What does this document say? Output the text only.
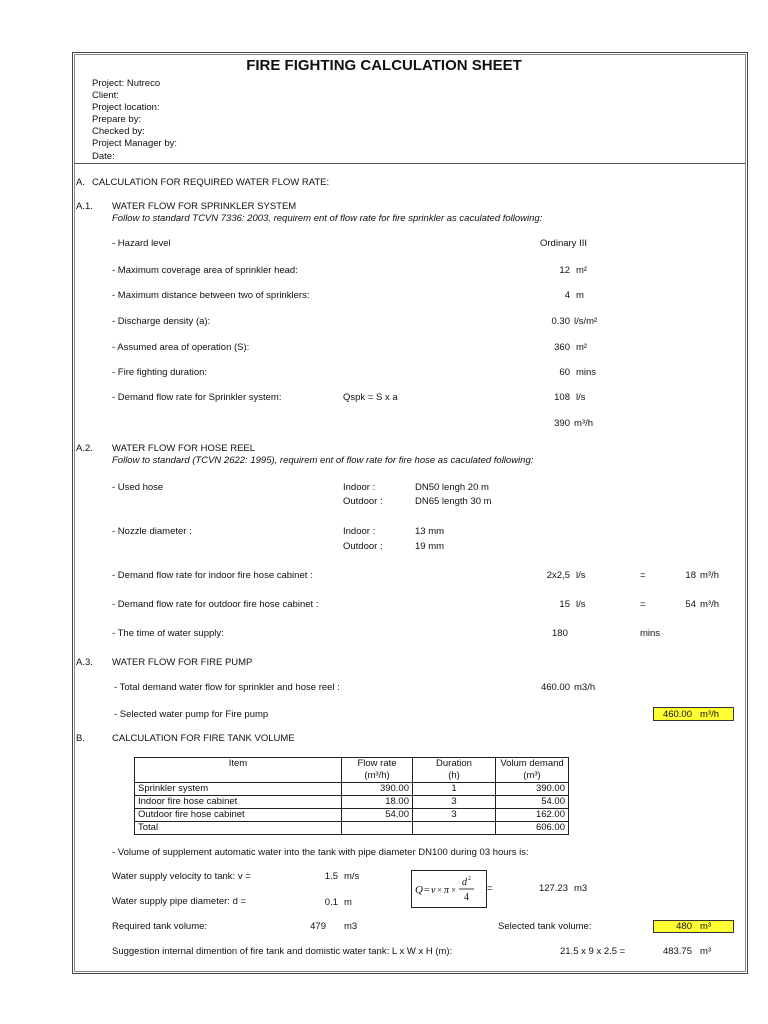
FIRE FIGHTING CALCULATION SHEET
Project: Nutreco
Client:
Project location:
Prepare by:
Checked by:
Project Manager by:
Date:
A. CALCULATION FOR REQUIRED WATER FLOW RATE:
A.1. WATER FLOW FOR SPRINKLER SYSTEM
Follow to standard TCVN 7336: 2003, requirem ent of flow rate for fire sprinkler as caculated following:
- Hazard level	Ordinary III
- Maximum coverage area of sprinkler head:	12 m²
- Maximum distance between two of sprinklers:	4 m
- Discharge density (a):	0.30 l/s/m²
- Assumed area of operation (S):	360 m²
- Fire fighting duration:	60 mins
- Demand flow rate for Sprinkler system:	Qspk = S x a	108 l/s
390 m³/h
A.2. WATER FLOW FOR HOSE REEL
Follow to standard (TCVN 2622: 1995), requirem ent of flow rate for fire hose as caculated following:
- Used hose	Indoor :	DN50 lengh 20 m
Outdoor :	DN65 length 30 m
- Nozzle diameter :	Indoor :	13 mm
Outdoor :	19 mm
- Demand flow rate for indoor fire hose cabinet :	2x2,5 l/s	=	18 m³/h
- Demand flow rate for outdoor fire hose cabinet :	15 l/s	=	54 m³/h
- The time of water supply:	180	mins
A.3. WATER FLOW FOR FIRE PUMP
- Total demand water flow for sprinkler and hose reel :	460.00 m3/h
- Selected water pump for Fire pump	460.00 m³/h
B.	CALCULATION FOR FIRE TANK VOLUME
Item	Flow rate	Duration	Volum demand
	(m³/h)	(h)	(m³)
Sprinkler system	390.00	1	390.00
Indoor fire hose cabinet	18.00	3	54.00
Outdoor fire hose cabinet	54.00	3	162.00
Total			606.00
- Volume of supplement automatic water into the tank with pipe diameter DN100 during 03 hours is:
Water supply velocity to tank: v =	1.5 m/s
Water supply pipe diameter: d =	0.1 m
Q = v × π ×
d 2
4
=	127.23 m3
Required tank volume:	479 m3	Selected tank volume:	480 m³
Suggestion internal dimention of fire tank and domistic water tank: L x W x H (m):	21.5 x 9 x 2.5 =	483.75 m³
